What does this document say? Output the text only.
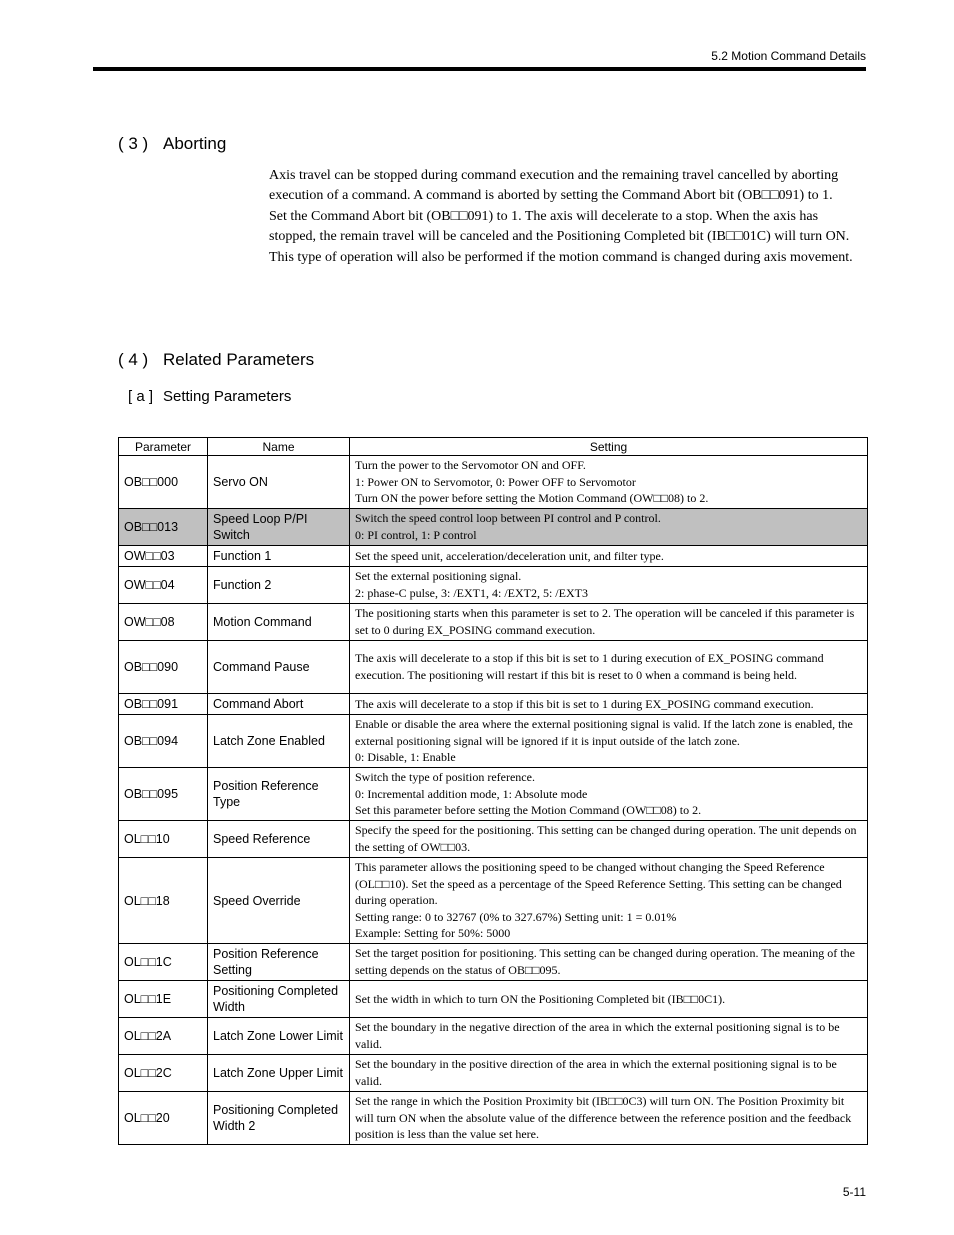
5.2 Motion Command Details
( 3 ) Aborting

Axis travel can be stopped during command execution and the remaining travel cancelled by aborting execution of a command. A command is aborted by setting the Command Abort bit (OB□□091) to 1.

Set the Command Abort bit (OB□□091) to 1. The axis will decelerate to a stop. When the axis has stopped, the remain travel will be canceled and the Positioning Completed bit (IB□□01C) will turn ON.

This type of operation will also be performed if the motion command is changed during axis movement.

( 4 ) Related Parameters
[ a ] Setting Parameters
Parameter	Name	Setting
OB□□000	Servo ON	Turn the power to the Servomotor ON and OFF.
1: Power ON to Servomotor, 0: Power OFF to Servomotor
Turn ON the power before setting the Motion Command (OW□□08) to 2.

OB□□013	Speed Loop P/PI Switch	Switch the speed control loop between PI control and P control.
0: PI control, 1: P control

OW□□03	Function 1	Set the speed unit, acceleration/deceleration unit, and filter type.

OW□□04	Function 2	Set the external positioning signal.
2: phase-C pulse, 3: /EXT1, 4: /EXT2, 5: /EXT3

OW□□08	Motion Command	The positioning starts when this parameter is set to 2. The operation will be canceled if this parameter is set to 0 during EX_POSING command execution.

OB□□090	Command Pause	The axis will decelerate to a stop if this bit is set to 1 during execution of EX_POSING command execution. The positioning will restart if this bit is reset to 0 when a command is being held.

OB□□091	Command Abort	The axis will decelerate to a stop if this bit is set to 1 during EX_POSING command execution.

OB□□094	Latch Zone Enabled	Enable or disable the area where the external positioning signal is valid. If the latch zone is enabled, the external positioning signal will be ignored if it is input outside of the latch zone.
0: Disable, 1: Enable

OB□□095	Position Reference Type	Switch the type of position reference.
0: Incremental addition mode, 1: Absolute mode
Set this parameter before setting the Motion Command (OW□□08) to 2.

OL□□10	Speed Reference	Specify the speed for the positioning. This setting can be changed during operation. The unit depends on the setting of OW□□03.

OL□□18	Speed Override	This parameter allows the positioning speed to be changed without changing the Speed Reference (OL□□10). Set the speed as a percentage of the Speed Reference Setting. This setting can be changed during operation.
Setting range: 0 to 32767 (0% to 327.67%) Setting unit: 1 = 0.01%
Example: Setting for 50%: 5000

OL□□1C	Position Reference Setting	Set the target position for positioning. This setting can be changed during operation. The meaning of the setting depends on the status of OB□□095.

OL□□1E	Positioning Completed Width	Set the width in which to turn ON the Positioning Completed bit (IB□□0C1).

OL□□2A	Latch Zone Lower Limit	Set the boundary in the negative direction of the area in which the external positioning signal is to be valid.

OL□□2C	Latch Zone Upper Limit	Set the boundary in the positive direction of the area in which the external positioning signal is to be valid.

OL□□20	Positioning Completed Width 2	Set the range in which the Position Proximity bit (IB□□0C3) will turn ON. The Position Proximity bit will turn ON when the absolute value of the difference between the reference position and the feedback position is less than the value set here.
5-11
